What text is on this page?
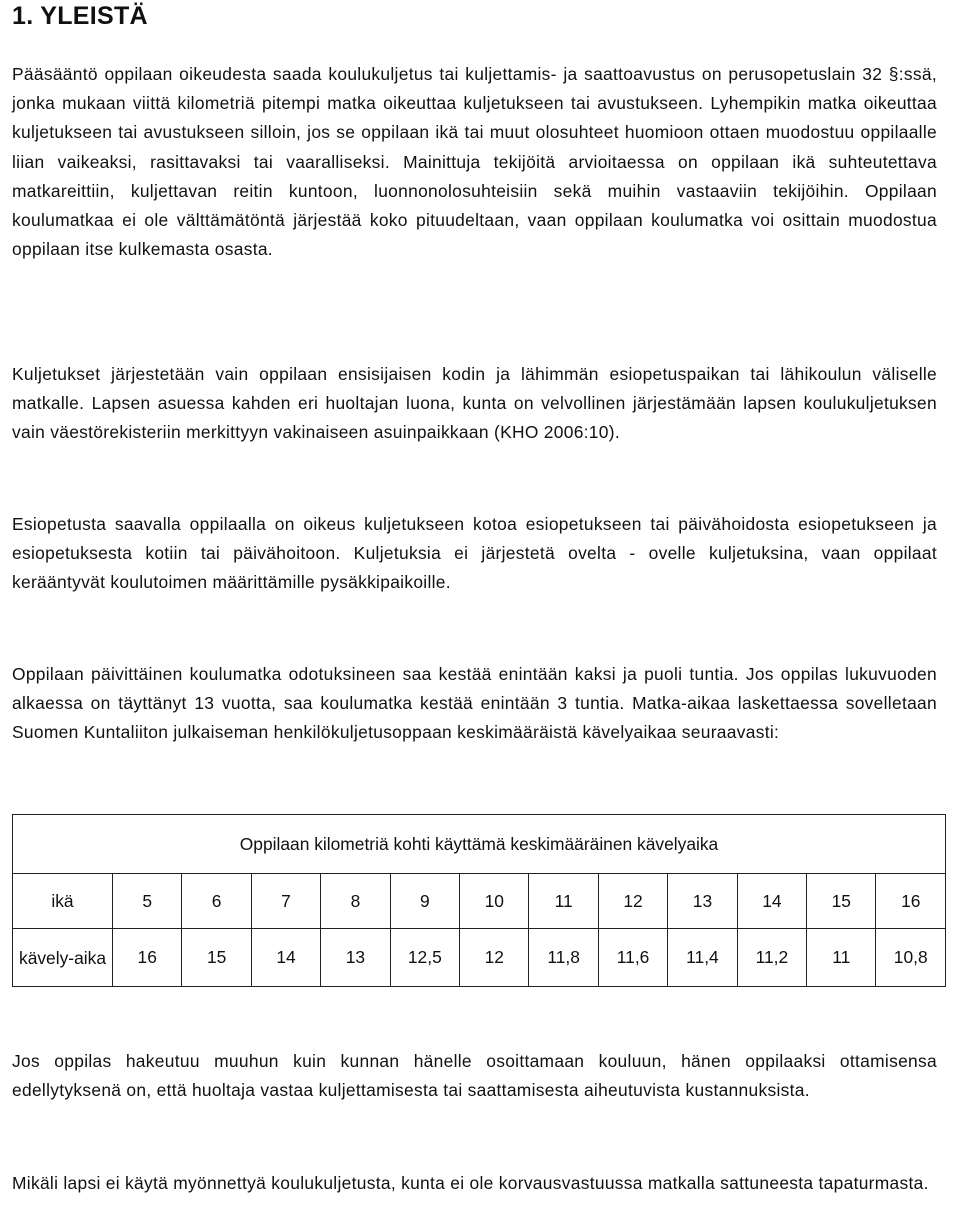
1. YLEISTÄ

Pääsääntö oppilaan oikeudesta saada koulukuljetus tai kuljettamis- ja saattoavustus on perusopetuslain 32 §:ssä, jonka mukaan viittä kilometriä pitempi matka oikeuttaa kuljetukseen tai avustukseen. Lyhempikin matka oikeuttaa kuljetukseen tai avustukseen silloin, jos se oppilaan ikä tai muut olosuhteet huomioon ottaen muodostuu oppilaalle liian vaikeaksi, rasittavaksi tai vaaralliseksi. Mainittuja tekijöitä arvioitaessa on oppilaan ikä suhteutettava matkareittiin, kuljettavan reitin kuntoon, luonnonolosuhteisiin sekä muihin vastaaviin tekijöihin. Oppilaan koulumatkaa ei ole välttämätöntä järjestää koko pituudeltaan, vaan oppilaan koulumatka voi osittain muodostua oppilaan itse kulkemasta osasta.

Kuljetukset järjestetään vain oppilaan ensisijaisen kodin ja lähimmän esiopetuspaikan tai lähikoulun väliselle matkalle. Lapsen asuessa kahden eri huoltajan luona, kunta on velvollinen järjestämään lapsen koulukuljetuksen vain väestörekisteriin merkittyyn vakinaiseen asuinpaikkaan (KHO 2006:10).

Esiopetusta saavalla oppilaalla on oikeus kuljetukseen kotoa esiopetukseen tai päivähoidosta esiopetukseen ja esiopetuksesta kotiin tai päivähoitoon. Kuljetuksia ei järjestetä ovelta - ovelle kuljetuksina, vaan oppilaat kerääntyvät koulutoimen määrittämille pysäkkipaikoille.

Oppilaan päivittäinen koulumatka odotuksineen saa kestää enintään kaksi ja puoli tuntia. Jos oppilas lukuvuoden alkaessa on täyttänyt 13 vuotta, saa koulumatka kestää enintään 3 tuntia. Matka-aikaa laskettaessa sovelletaan Suomen Kuntaliiton julkaiseman henkilökuljetusoppaan keskimääräistä kävelyaikaa seuraavasti:

Oppilaan kilometriä kohti käyttämä keskimääräinen kävelyaika												
ikä	5	6	7	8	9	10	11	12	13	14	15	16
kävely-aika	16	15	14	13	12,5	12	11,8	11,6	11,4	11,2	11	10,8

Jos oppilas hakeutuu muuhun kuin kunnan hänelle osoittamaan kouluun, hänen oppilaaksi ottamisensa edellytyksenä on, että huoltaja vastaa kuljettamisesta tai saattamisesta aiheutuvista kustannuksista.

Mikäli lapsi ei käytä myönnettyä koulukuljetusta, kunta ei ole korvausvastuussa matkalla sattuneesta tapaturmasta.
